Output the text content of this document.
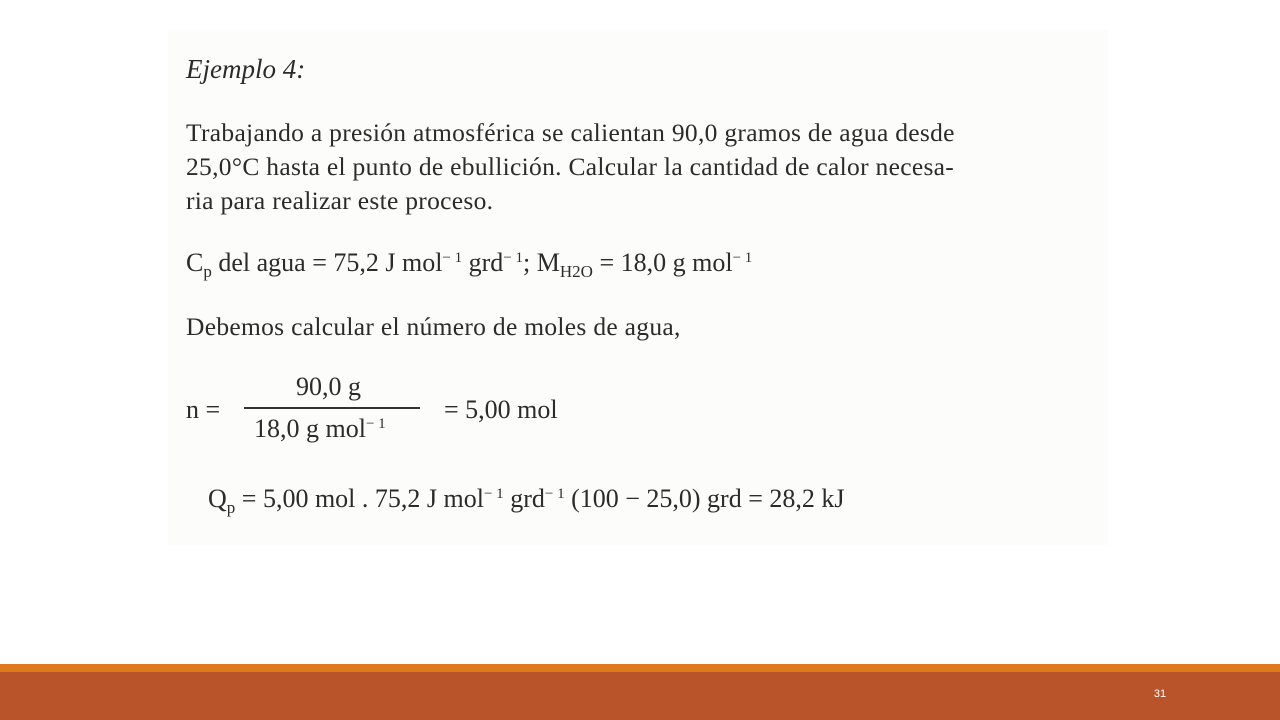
Ejemplo 4:
Trabajando a presión atmosférica se calientan 90,0 gramos de agua desde
25,0°C hasta el punto de ebullición. Calcular la cantidad de calor necesa-
ria para realizar este proceso.
$C_p$ del agua = 75,2 J mol$^{- 1}$ grd$^{- 1}$; $M_{H2O} = 18,0$ g mol$^{- 1}$
Debemos calcular el número de moles de agua,
n =
90,0 g
18,0 g mol$^{- 1}$ = 5,00 mol
$Q_p = 5,00$ mol . 75,2 J mol$^{- 1}$ grd$^{- 1}$ (100 − 25,0) grd = 28,2 kJ
31
